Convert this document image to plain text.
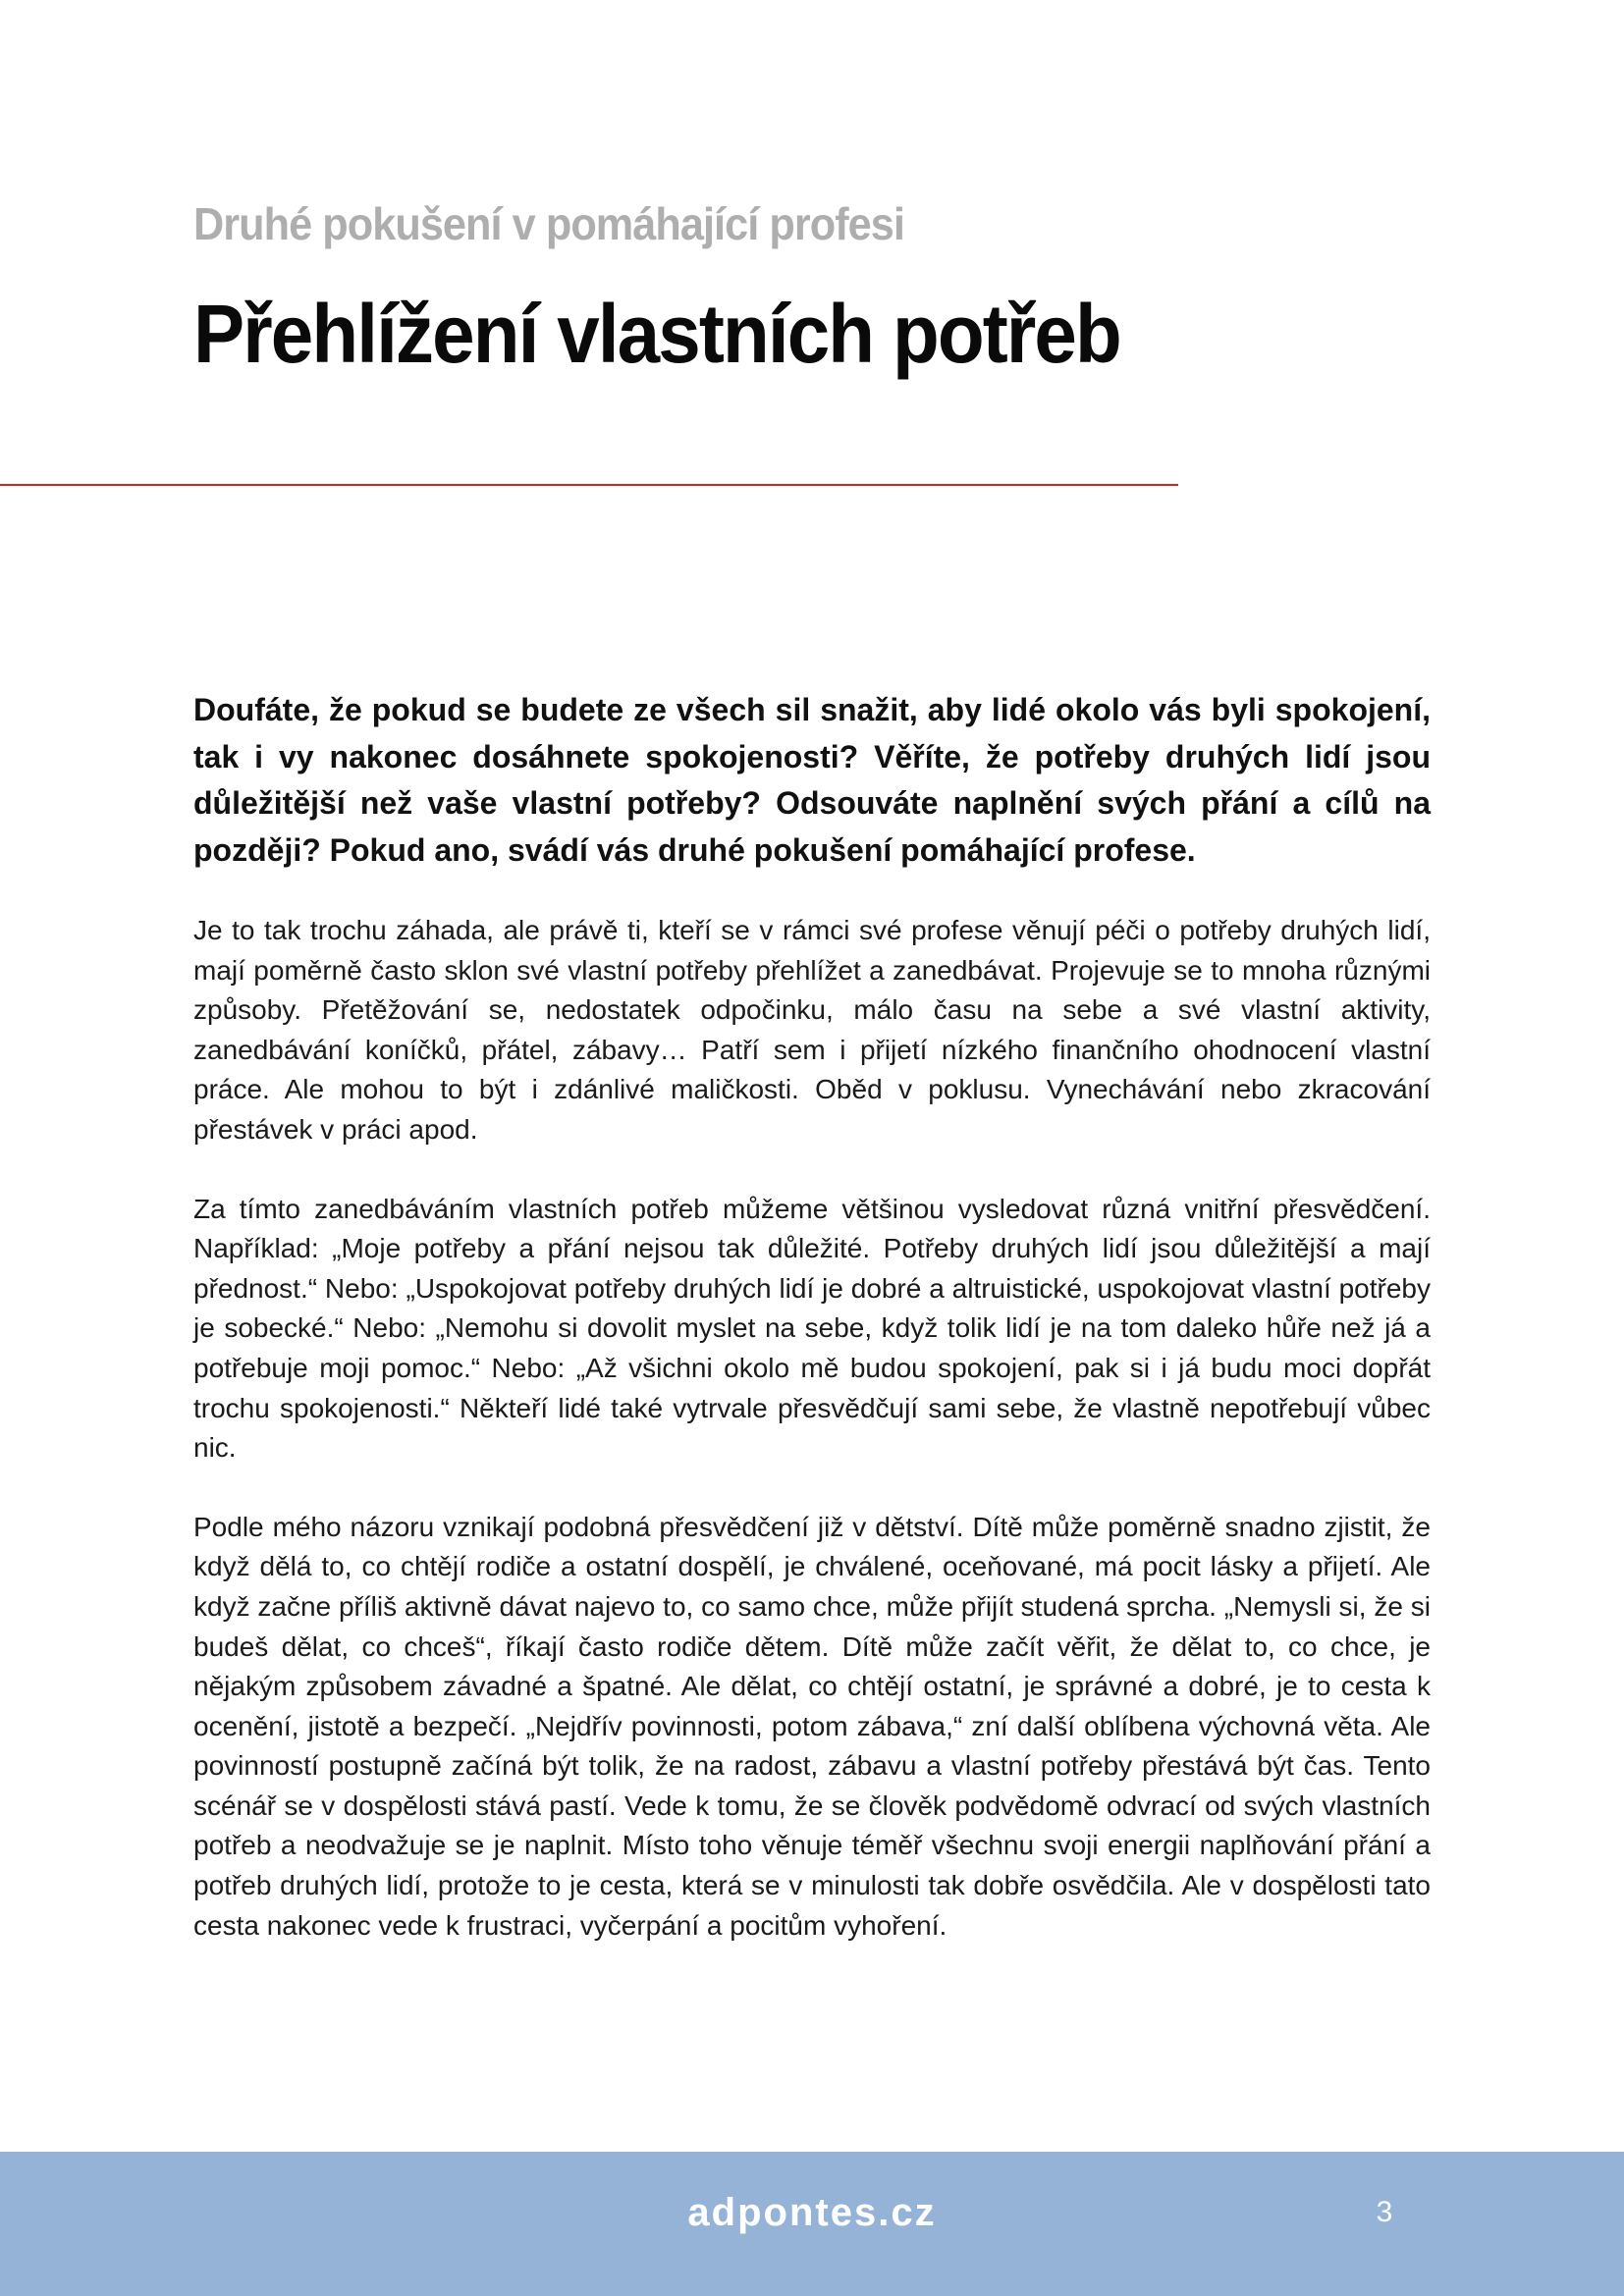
Druhé pokušení v pomáhající profesi
Přehlížení vlastních potřeb

Doufáte, že pokud se budete ze všech sil snažit, aby lidé okolo vás byli spokojení, tak i vy nakonec dosáhnete spokojenosti? Věříte, že potřeby druhých lidí jsou důležitější než vaše vlastní potřeby? Odsouváte naplnění svých přání a cílů na později? Pokud ano, svádí vás druhé pokušení pomáhající profese.

Je to tak trochu záhada, ale právě ti, kteří se v rámci své profese věnují péči o potřeby druhých lidí, mají poměrně často sklon své vlastní potřeby přehlížet a zanedbávat. Projevuje se to mnoha různými způsoby. Přetěžování se, nedostatek odpočinku, málo času na sebe a své vlastní aktivity, zanedbávání koníčků, přátel, zábavy… Patří sem i přijetí nízkého finančního ohodnocení vlastní práce. Ale mohou to být i zdánlivé maličkosti. Oběd v poklusu. Vynechávání nebo zkracování přestávek v práci apod.

Za tímto zanedbáváním vlastních potřeb můžeme většinou vysledovat různá vnitřní přesvědčení. Například: „Moje potřeby a přání nejsou tak důležité. Potřeby druhých lidí jsou důležitější a mají přednost.“ Nebo: „Uspokojovat potřeby druhých lidí je dobré a altruistické, uspokojovat vlastní potřeby je sobecké.“ Nebo: „Nemohu si dovolit myslet na sebe, když tolik lidí je na tom daleko hůře než já a potřebuje moji pomoc.“ Nebo: „Až všichni okolo mě budou spokojení, pak si i já budu moci dopřát trochu spokojenosti.“ Někteří lidé také vytrvale přesvědčují sami sebe, že vlastně nepotřebují vůbec nic.

Podle mého názoru vznikají podobná přesvědčení již v dětství. Dítě může poměrně snadno zjistit, že když dělá to, co chtějí rodiče a ostatní dospělí, je chválené, oceňované, má pocit lásky a přijetí. Ale když začne příliš aktivně dávat najevo to, co samo chce, může přijít studená sprcha. „Nemysli si, že si budeš dělat, co chceš“, říkají často rodiče dětem. Dítě může začít věřit, že dělat to, co chce, je nějakým způsobem závadné a špatné. Ale dělat, co chtějí ostatní, je správné a dobré, je to cesta k ocenění, jistotě a bezpečí. „Nejdřív povinnosti, potom zábava,“ zní další oblíbena výchovná věta. Ale povinností postupně začíná být tolik, že na radost, zábavu a vlastní potřeby přestává být čas. Tento scénář se v dospělosti stává pastí. Vede k tomu, že se člověk podvědomě odvrací od svých vlastních potřeb a neodvažuje se je naplnit. Místo toho věnuje téměř všechnu svoji energii naplňování přání a potřeb druhých lidí, protože to je cesta, která se v minulosti tak dobře osvědčila. Ale v dospělosti tato cesta nakonec vede k frustraci, vyčerpání a pocitům vyhoření.

adpontes.cz	3
